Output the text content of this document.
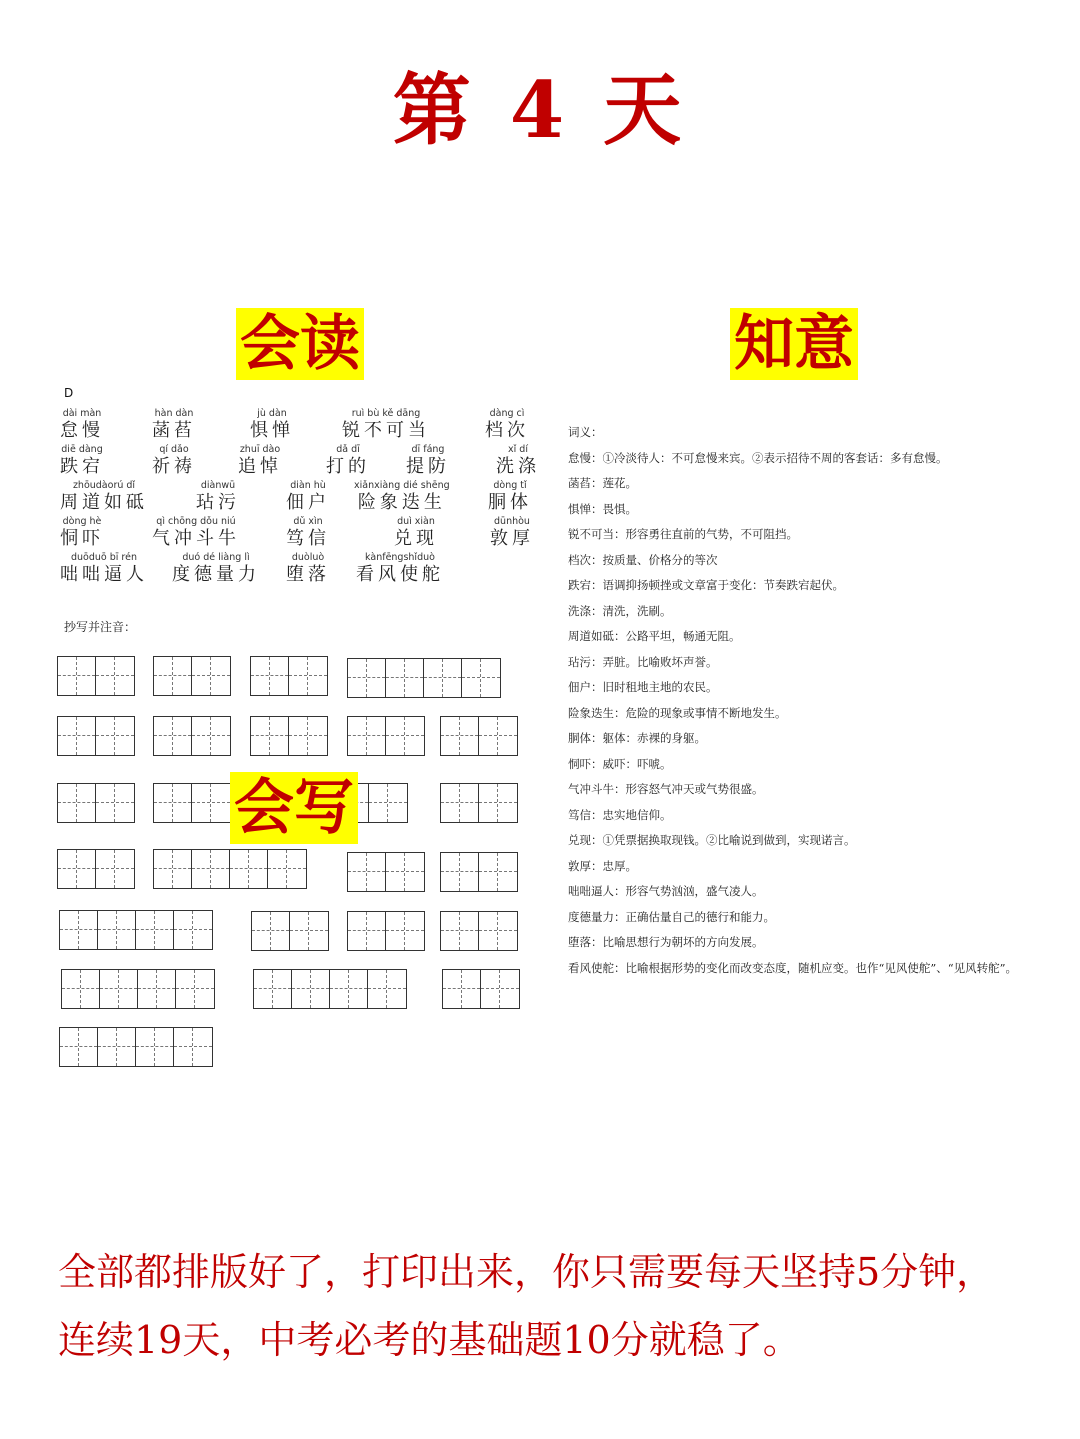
第 4 天
会读	知意
D
dài màn
怠慢
hàn dàn
菡萏
jù dàn
惧惮
ruì bù kě dāng
锐不可当
dàng cì
档次
diē dàng
跌宕
qí dǎo
祈祷
zhuī dào
追悼
dǎ dī
打的
dī fáng
提防
xǐ dí
洗涤
zhōudàorú dǐ
周道如砥
diànwū
玷污
diàn hù
佃户
xiǎnxiàng dié shēng
险象迭生
dòng tǐ
胴体
dòng hè
恫吓
qì chōng dǒu niú
气冲斗牛
dǔ xìn
笃信
duì xiàn
兑现
dūnhòu
敦厚
duōduō bī rén
咄咄逼人
duó dé liàng lì
度德量力
duòluò
堕落
kànfēngshǐduò
看风使舵
抄写并注音：
会写
词义：
怠慢：①冷淡待人：不可怠慢来宾。②表示招待不周的客套话：多有怠慢。
菡萏：莲花。
惧惮：畏惧。
锐不可当：形容勇往直前的气势，不可阻挡。
档次：按质量、价格分的等次
跌宕：语调抑扬顿挫或文章富于变化：节奏跌宕起伏。
洗涤：清洗，洗刷。
周道如砥：公路平坦，畅通无阻。
玷污：弄脏。比喻败坏声誉。
佃户：旧时租地主地的农民。
险象迭生：危险的现象或事情不断地发生。
胴体：躯体：赤裸的身躯。
恫吓：威吓：吓唬。
气冲斗牛：形容怒气冲天或气势很盛。
笃信：忠实地信仰。
兑现：①凭票据换取现钱。②比喻说到做到，实现诺言。
敦厚：忠厚。
咄咄逼人：形容气势汹汹，盛气凌人。
度德量力：正确估量自己的德行和能力。
堕落：比喻思想行为朝坏的方向发展。
看风使舵：比喻根据形势的变化而改变态度，随机应变。也作“见风使舵”、“见风转舵”。
全部都排版好了，打印出来，你只需要每天坚持5分钟，
连续19天，中考必考的基础题10分就稳了。
